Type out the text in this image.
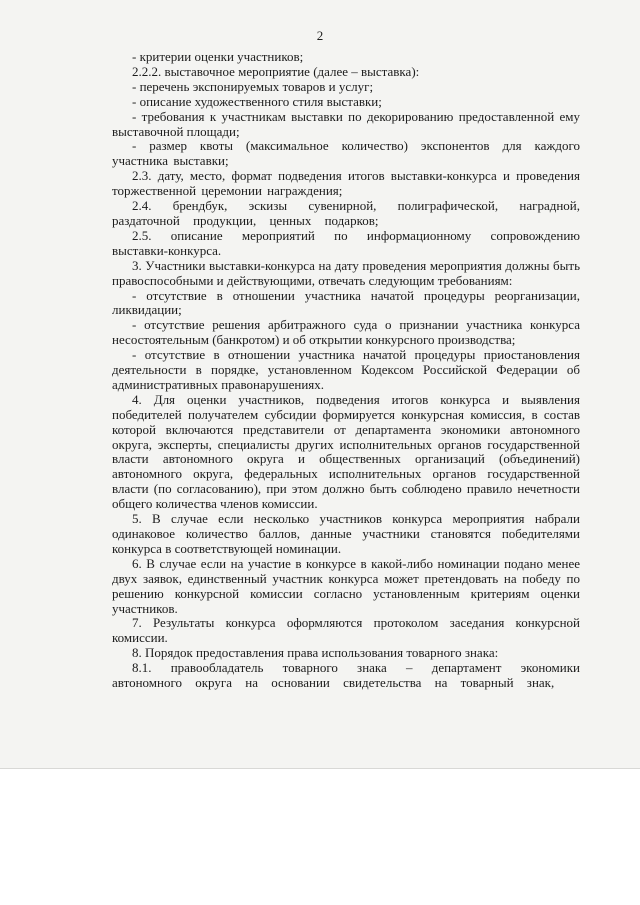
2

- критерии оценки участников;

2.2.2. выставочное мероприятие (далее – выставка):

- перечень экспонируемых товаров и услуг;

- описание художественного стиля выставки;

- требования к участникам выставки по декорированию предоставленной ему выставочной площади;

- размер квоты (максимальное количество) экспонентов для каждого участника выставки;

2.3. дату, место, формат подведения итогов выставки-конкурса и проведения торжественной церемонии награждения;

2.4. брендбук, эскизы сувенирной, полиграфической, наградной, раздаточной продукции, ценных подарков;

2.5. описание мероприятий по информационному сопровождению выставки-конкурса.

3. Участники выставки-конкурса на дату проведения мероприятия должны быть правоспособными и действующими, отвечать следующим требованиям:

- отсутствие в отношении участника начатой процедуры реорганизации, ликвидации;

- отсутствие решения арбитражного суда о признании участника конкурса несостоятельным (банкротом) и об открытии конкурсного производства;

- отсутствие в отношении участника начатой процедуры приостановления деятельности в порядке, установленном Кодексом Российской Федерации об административных правонарушениях.

4. Для оценки участников, подведения итогов конкурса и выявления победителей получателем субсидии формируется конкурсная комиссия, в состав которой включаются представители от департамента экономики автономного округа, эксперты, специалисты других исполнительных органов государственной власти автономного округа и общественных организаций (объединений) автономного округа, федеральных исполнительных органов государственной власти (по согласованию), при этом должно быть соблюдено правило нечетности общего количества членов комиссии.

5. В случае если несколько участников конкурса мероприятия набрали одинаковое количество баллов, данные участники становятся победителями конкурса в соответствующей номинации.

6. В случае если на участие в конкурсе в какой-либо номинации подано менее двух заявок, единственный участник конкурса может претендовать на победу по решению конкурсной комиссии согласно установленным критериям оценки участников.

7. Результаты конкурса оформляются протоколом заседания конкурсной комиссии.

8. Порядок предоставления права использования товарного знака:

8.1. правообладатель товарного знака – департамент экономики автономного округа на основании свидетельства на товарный знак,
